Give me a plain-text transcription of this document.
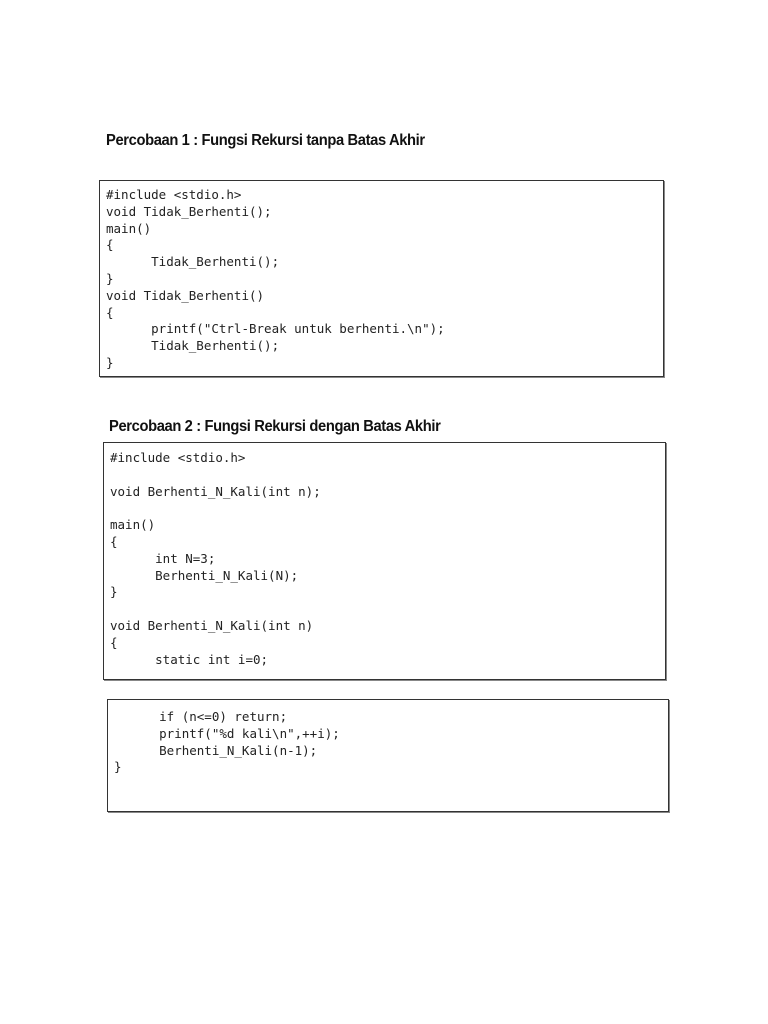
Percobaan 1 : Fungsi Rekursi tanpa Batas Akhir
#include <stdio.h>
void Tidak_Berhenti();
main()
{
Tidak_Berhenti();
}
void Tidak_Berhenti()
{
printf("Ctrl-Break untuk berhenti.\n");
Tidak_Berhenti();
}
Percobaan 2 : Fungsi Rekursi dengan Batas Akhir
#include <stdio.h>

void Berhenti_N_Kali(int n);

main()
{
int N=3;
Berhenti_N_Kali(N);
}

void Berhenti_N_Kali(int n)
{
static int i=0;
if (n<=0) return;
printf("%d kali\n",++i);
Berhenti_N_Kali(n-1);
}
